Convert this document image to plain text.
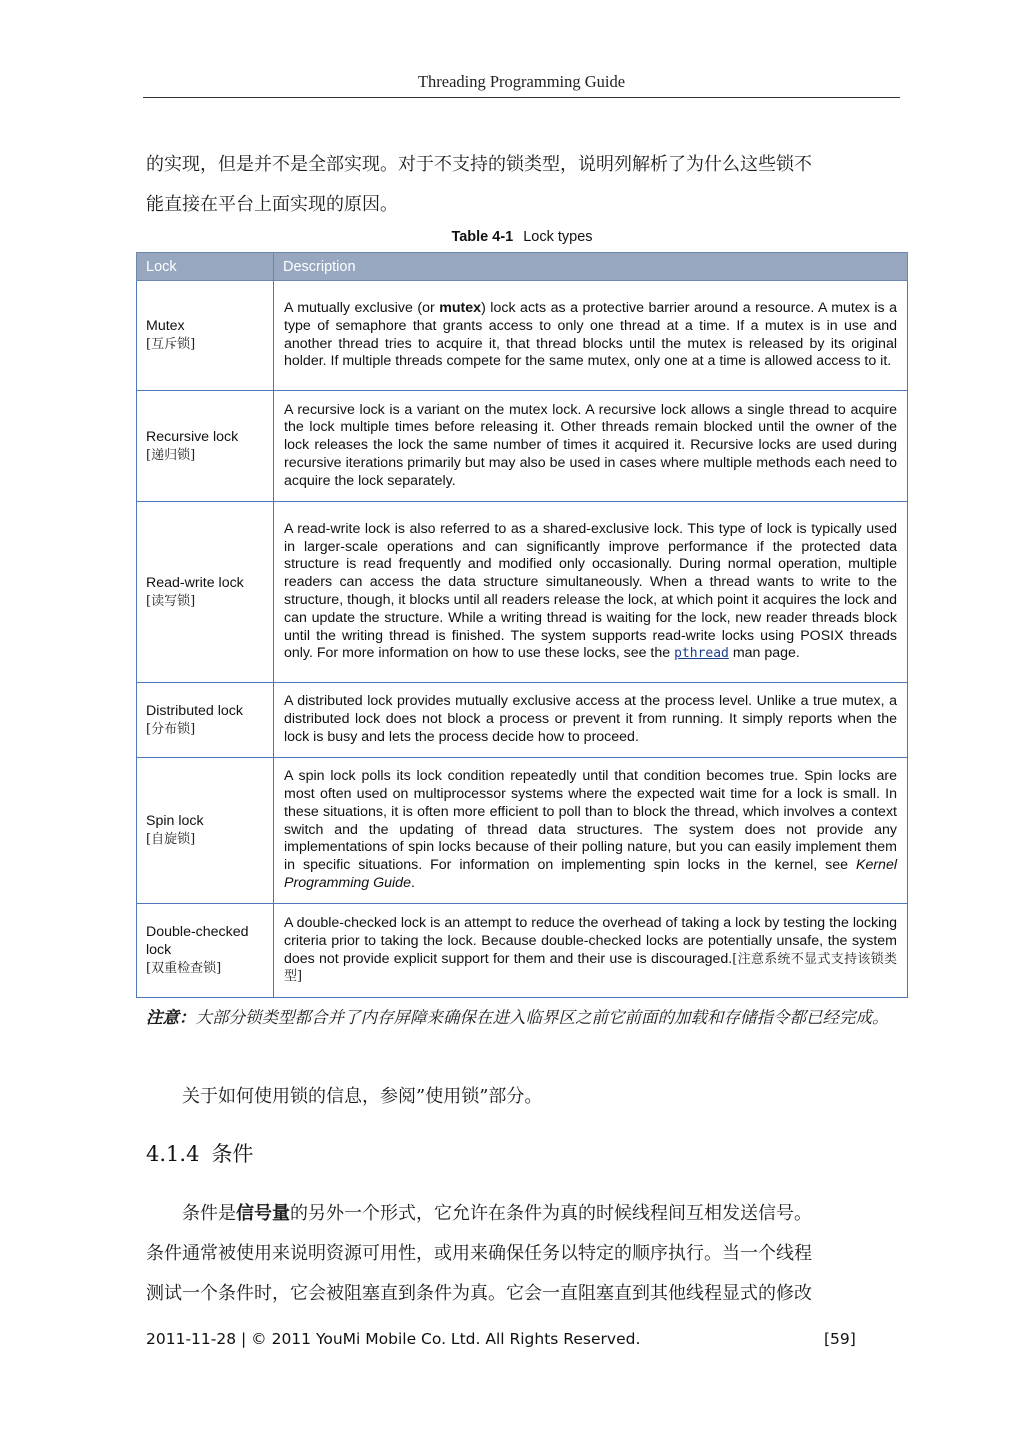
Threading Programming Guide

的实现，但是并不是全部实现。对于不支持的锁类型，说明列解析了为什么这些锁不
能直接在平台上面实现的原因。

Table 4-1 Lock types
Lock	Description
Mutex
[互斥锁]	A mutually exclusive (or mutex) lock acts as a protective barrier around a resource. A mutex is a type of semaphore that grants access to only one thread at a time. If a mutex is in use and another thread tries to acquire it, that thread blocks until the mutex is released by its original holder. If multiple threads compete for the same mutex, only one at a time is allowed access to it.
Recursive lock
[递归锁]	A recursive lock is a variant on the mutex lock. A recursive lock allows a single thread to acquire the lock multiple times before releasing it. Other threads remain blocked until the owner of the lock releases the lock the same number of times it acquired it. Recursive locks are used during recursive iterations primarily but may also be used in cases where multiple methods each need to acquire the lock separately.
Read-write lock
[读写锁]	A read-write lock is also referred to as a shared-exclusive lock. This type of lock is typically used in larger-scale operations and can significantly improve performance if the protected data structure is read frequently and modified only occasionally. During normal operation, multiple readers can access the data structure simultaneously. When a thread wants to write to the structure, though, it blocks until all readers release the lock, at which point it acquires the lock and can update the structure. While a writing thread is waiting for the lock, new reader threads block until the writing thread is finished. The system supports read-write locks using POSIX threads only. For more information on how to use these locks, see the pthread man page.
Distributed lock
[分布锁]	A distributed lock provides mutually exclusive access at the process level. Unlike a true mutex, a distributed lock does not block a process or prevent it from running. It simply reports when the lock is busy and lets the process decide how to proceed.
Spin lock
[自旋锁]	A spin lock polls its lock condition repeatedly until that condition becomes true. Spin locks are most often used on multiprocessor systems where the expected wait time for a lock is small. In these situations, it is often more efficient to poll than to block the thread, which involves a context switch and the updating of thread data structures. The system does not provide any implementations of spin locks because of their polling nature, but you can easily implement them in specific situations. For information on implementing spin locks in the kernel, see Kernel Programming Guide.
Double-checked lock
[双重检查锁]	A double-checked lock is an attempt to reduce the overhead of taking a lock by testing the locking criteria prior to taking the lock. Because double-checked locks are potentially unsafe, the system does not provide explicit support for them and their use is discouraged.[注意系统不显式支持该锁类型]

注意：大部分锁类型都合并了内存屏障来确保在进入临界区之前它前面的加载和存储指令都已经完成。

关于如何使用锁的信息，参阅”使用锁”部分。

4.1.4 条件

条件是信号量的另外一个形式，它允许在条件为真的时候线程间互相发送信号。
条件通常被使用来说明资源可用性，或用来确保任务以特定的顺序执行。当一个线程
测试一个条件时，它会被阻塞直到条件为真。它会一直阻塞直到其他线程显式的修改

2011-11-28 | © 2011 YouMi Mobile Co. Ltd. All Rights Reserved.	[59]
